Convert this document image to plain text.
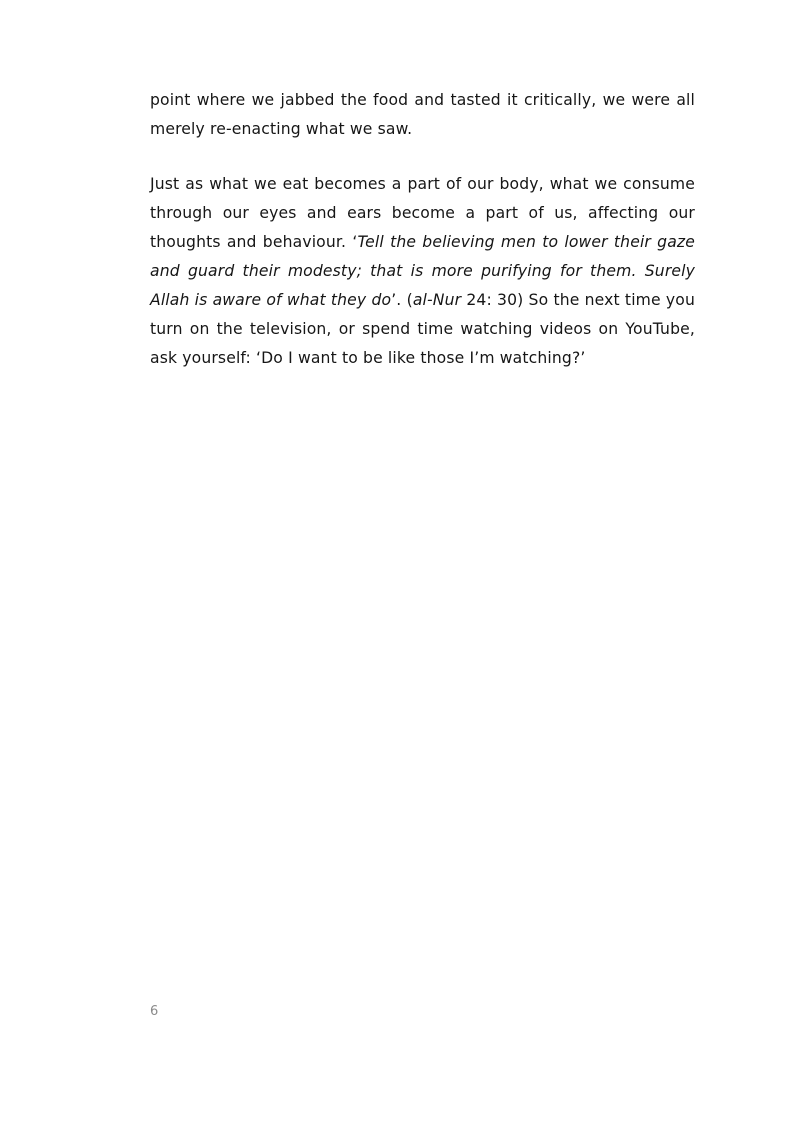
point where we jabbed the food and tasted it critically, we were all merely re-enacting what we saw.

Just as what we eat becomes a part of our body, what we consume through our eyes and ears become a part of us, affecting our thoughts and behaviour. ‘Tell the believing men to lower their gaze and guard their modesty; that is more purifying for them. Surely Allah is aware of what they do’. (al-Nur 24: 30) So the next time you turn on the television, or spend time watching videos on YouTube, ask yourself: ‘Do I want to be like those I’m watching?’

6
